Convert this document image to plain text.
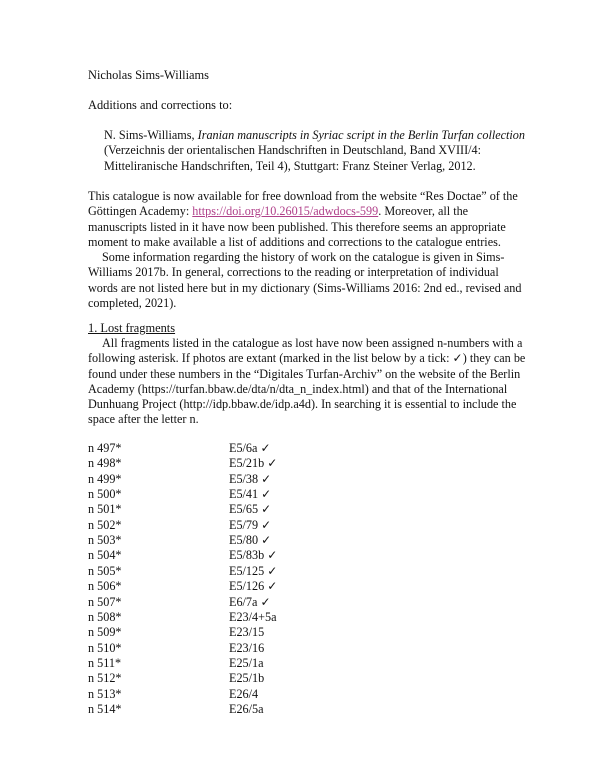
Nicholas Sims-Williams
Additions and corrections to:
N. Sims-Williams, Iranian manuscripts in Syriac script in the Berlin Turfan collection (Verzeichnis der orientalischen Handschriften in Deutschland, Band XVIII/4: Mitteliranische Handschriften, Teil 4), Stuttgart: Franz Steiner Verlag, 2012.

This catalogue is now available for free download from the website “Res Doctae” of the Göttingen Academy: https://doi.org/10.26015/adwdocs-599. Moreover, all the manuscripts listed in it have now been published. This therefore seems an appropriate moment to make available a list of additions and corrections to the catalogue entries.

Some information regarding the history of work on the catalogue is given in Sims-Williams 2017b. In general, corrections to the reading or interpretation of individual words are not listed here but in my dictionary (Sims-Williams 2016: 2nd ed., revised and completed, 2021).

1. Lost fragments

All fragments listed in the catalogue as lost have now been assigned n-numbers with a following asterisk. If photos are extant (marked in the list below by a tick: ✓) they can be found under these numbers in the “Digitales Turfan-Archiv” on the website of the Berlin Academy (https://turfan.bbaw.de/dta/n/dta_n_index.html) and that of the International Dunhuang Project (http://idp.bbaw.de/idp.a4d). In searching it is essential to include the space after the letter n.

n 497*	E5/6a ✓
n 498*	E5/21b ✓
n 499*	E5/38 ✓
n 500*	E5/41 ✓
n 501*	E5/65 ✓
n 502*	E5/79 ✓
n 503*	E5/80 ✓
n 504*	E5/83b ✓
n 505*	E5/125 ✓
n 506*	E5/126 ✓
n 507*	E6/7a ✓
n 508*	E23/4+5a
n 509*	E23/15
n 510*	E23/16
n 511*	E25/1a
n 512*	E25/1b
n 513*	E26/4
n 514*	E26/5a
